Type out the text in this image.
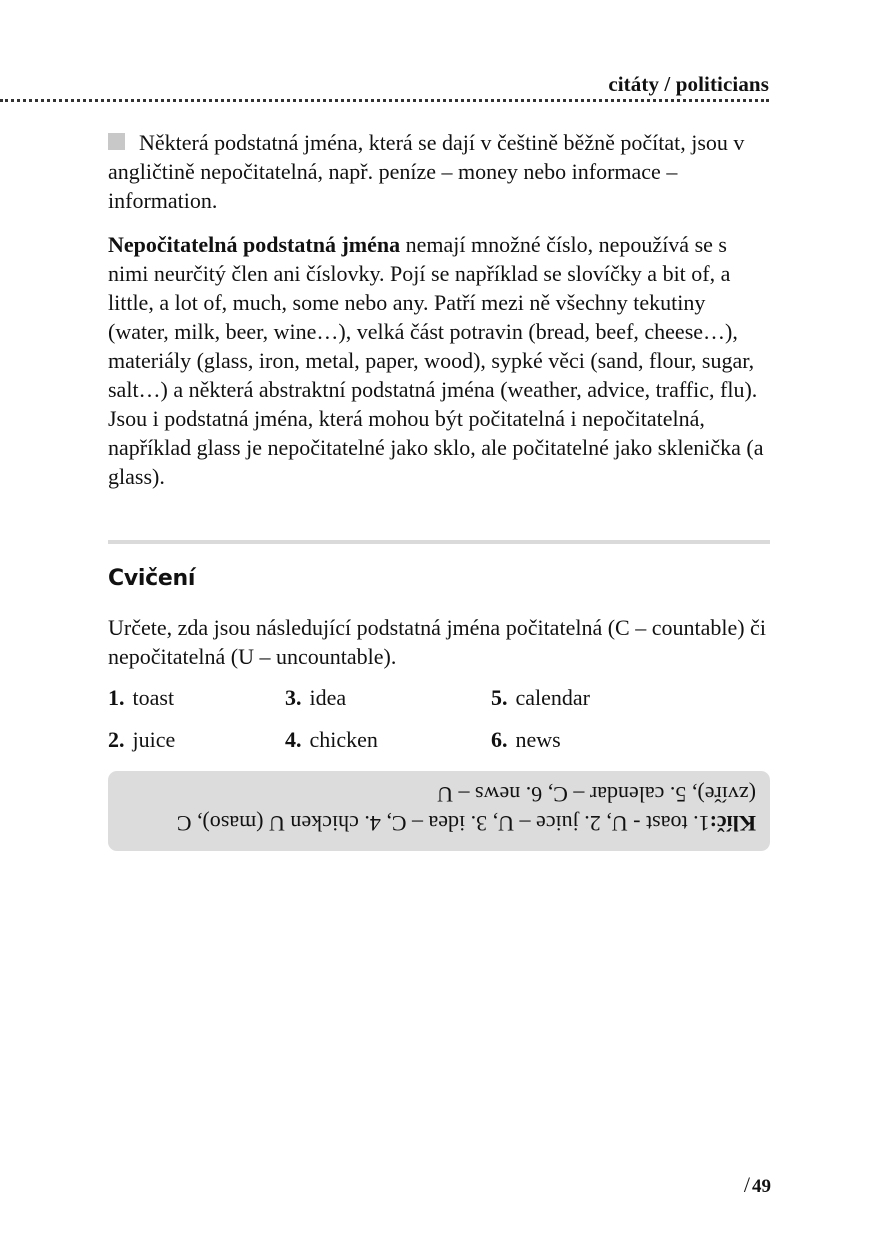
citáty / politicians

Některá podstatná jména, která se dají v češtině běžně počítat, jsou v angličtině nepočitatelná, např. peníze – money nebo informace – information.

Nepočitatelná podstatná jména nemají množné číslo, nepoužívá se s nimi neurčitý člen ani číslovky. Pojí se například se slovíčky a bit of, a little, a lot of, much, some nebo any. Patří mezi ně všechny tekutiny (water, milk, beer, wine…), velká část potravin (bread, beef, cheese…), materiály (glass, iron, metal, paper, wood), sypké věci (sand, flour, sugar, salt…) a některá abstraktní podstatná jména (weather, advice, traffic, flu). Jsou i podstatná jména, která mohou být počitatelná i nepočitatelná, například glass je nepočitatelné jako sklo, ale počitatelné jako sklenička (a glass).

Cvičení

Určete, zda jsou následující podstatná jména počitatelná (C – countable) či nepočitatelná (U – uncountable).

1. toast
2. juice
3. idea
4. chicken
5. calendar
6. news
Klíč:1. toast - U, 2. juice – U, 3. idea – C, 4. chicken U (maso), C (zvíře), 5. calendar – C, 6. news – U
/ 49
